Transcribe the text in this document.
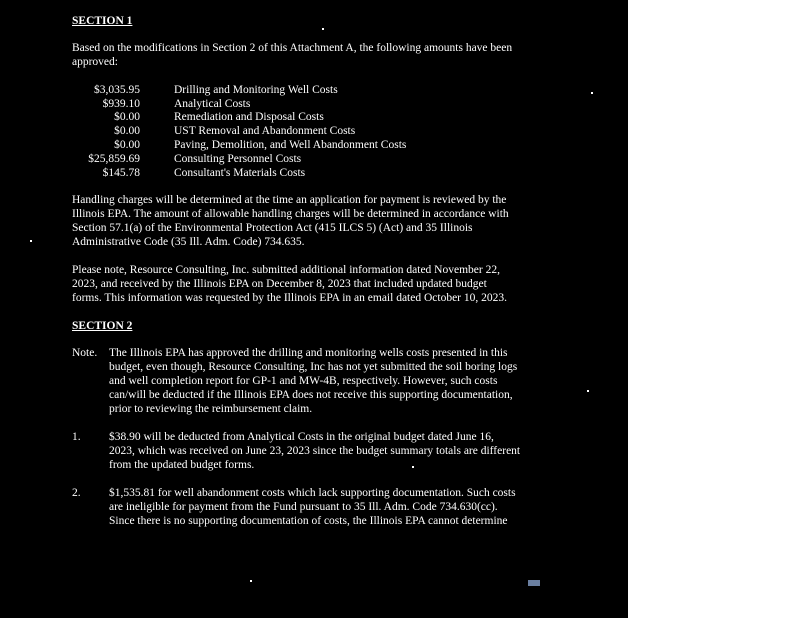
SECTION 1
Based on the modifications in Section 2 of this Attachment A, the following amounts have been
approved:
$3,035.95	Drilling and Monitoring Well Costs
$939.10	Analytical Costs
$0.00	Remediation and Disposal Costs
$0.00	UST Removal and Abandonment Costs
$0.00	Paving, Demolition, and Well Abandonment Costs
$25,859.69	Consulting Personnel Costs
$145.78	Consultant's Materials Costs
Handling charges will be determined at the time an application for payment is reviewed by the
Illinois EPA. The amount of allowable handling charges will be determined in accordance with
Section 57.1(a) of the Environmental Protection Act (415 ILCS 5) (Act) and 35 Illinois
Administrative Code (35 Ill. Adm. Code) 734.635.
Please note, Resource Consulting, Inc. submitted additional information dated November 22,
2023, and received by the Illinois EPA on December 8, 2023 that included updated budget
forms. This information was requested by the Illinois EPA in an email dated October 10, 2023.
SECTION 2
Note. The Illinois EPA has approved the drilling and monitoring wells costs presented in this
budget, even though, Resource Consulting, Inc has not yet submitted the soil boring logs
and well completion report for GP-1 and MW-4B, respectively. However, such costs
can/will be deducted if the Illinois EPA does not receive this supporting documentation,
prior to reviewing the reimbursement claim.
1. $38.90 will be deducted from Analytical Costs in the original budget dated June 16,
2023, which was received on June 23, 2023 since the budget summary totals are different
from the updated budget forms.
2. $1,535.81 for well abandonment costs which lack supporting documentation. Such costs
are ineligible for payment from the Fund pursuant to 35 Ill. Adm. Code 734.630(cc).
Since there is no supporting documentation of costs, the Illinois EPA cannot determine
